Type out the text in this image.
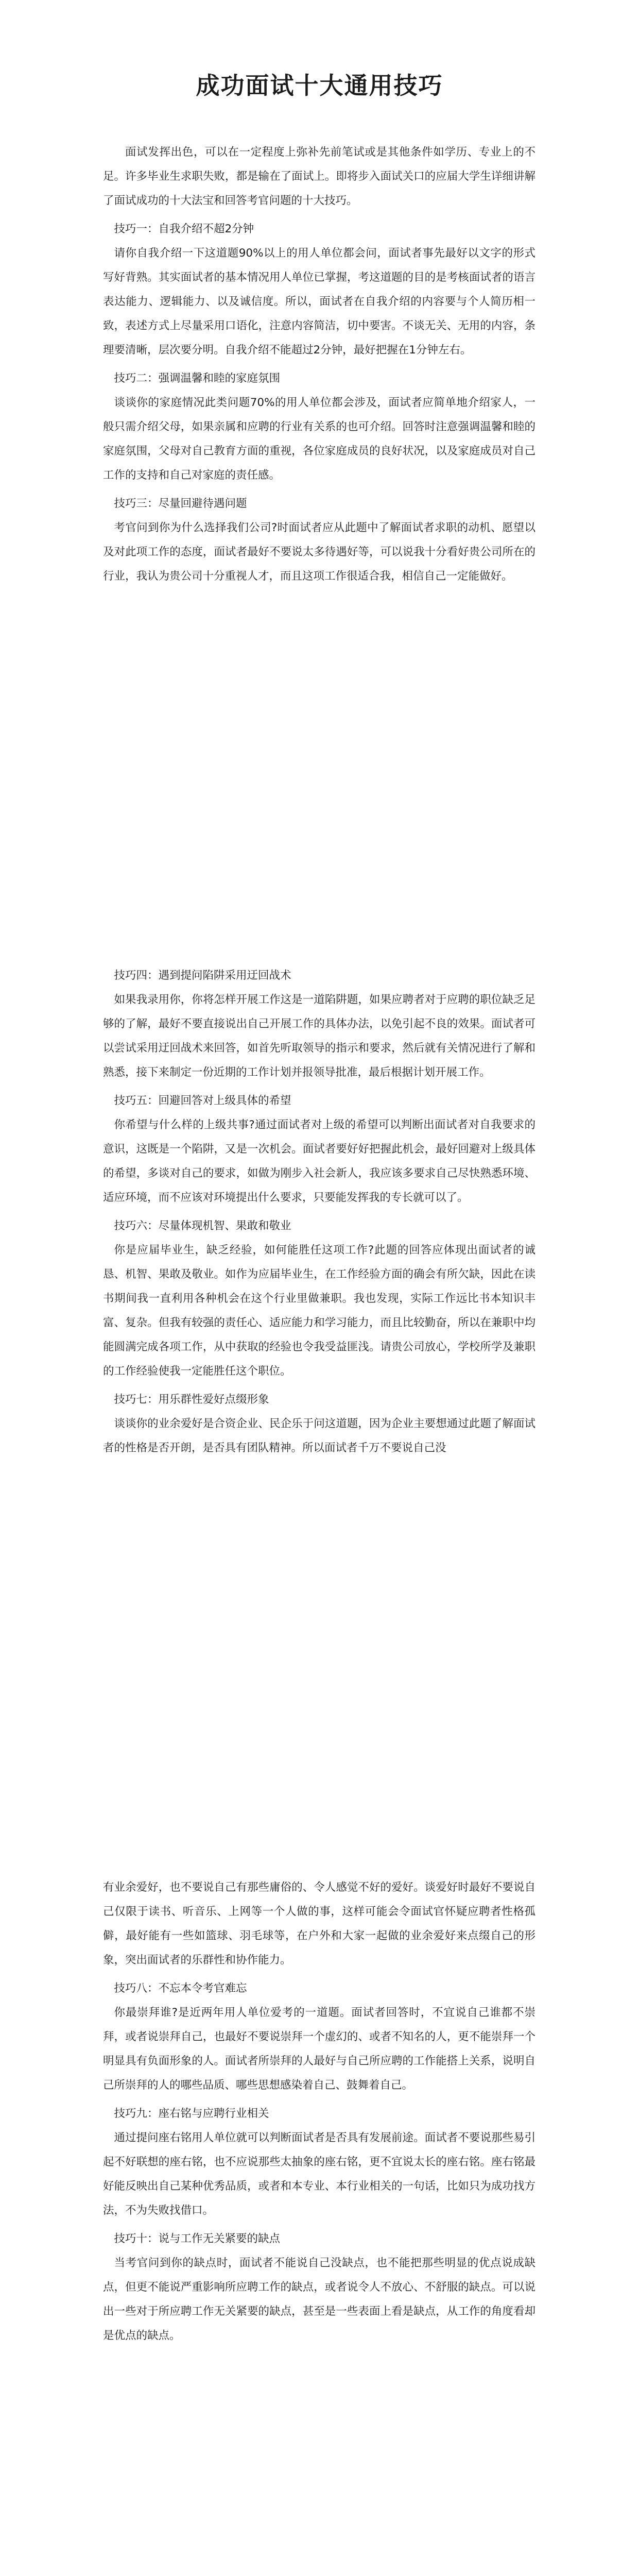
成功面试十大通用技巧

面试发挥出色，可以在一定程度上弥补先前笔试或是其他条件如学历、专业上的不足。许多毕业生求职失败，都是输在了面试上。即将步入面试关口的应届大学生详细讲解了面试成功的十大法宝和回答考官问题的十大技巧。

技巧一：自我介绍不超2分钟

请你自我介绍一下这道题90%以上的用人单位都会问，面试者事先最好以文字的形式写好背熟。其实面试者的基本情况用人单位已掌握，考这道题的目的是考核面试者的语言表达能力、逻辑能力、以及诚信度。所以，面试者在自我介绍的内容要与个人简历相一致，表述方式上尽量采用口语化，注意内容简洁，切中要害。不谈无关、无用的内容，条理要清晰，层次要分明。自我介绍不能超过2分钟，最好把握在1分钟左右。

技巧二：强调温馨和睦的家庭氛围

谈谈你的家庭情况此类问题70%的用人单位都会涉及，面试者应简单地介绍家人，一般只需介绍父母，如果亲属和应聘的行业有关系的也可介绍。回答时注意强调温馨和睦的家庭氛围，父母对自己教育方面的重视，各位家庭成员的良好状况，以及家庭成员对自己工作的支持和自己对家庭的责任感。

技巧三：尽量回避待遇问题

考官问到你为什么选择我们公司?时面试者应从此题中了解面试者求职的动机、愿望以及对此项工作的态度，面试者最好不要说太多待遇好等，可以说我十分看好贵公司所在的行业，我认为贵公司十分重视人才，而且这项工作很适合我，相信自己一定能做好。

技巧四：遇到提问陷阱采用迂回战术

如果我录用你，你将怎样开展工作这是一道陷阱题，如果应聘者对于应聘的职位缺乏足够的了解，最好不要直接说出自己开展工作的具体办法，以免引起不良的效果。面试者可以尝试采用迂回战术来回答，如首先听取领导的指示和要求，然后就有关情况进行了解和熟悉，接下来制定一份近期的工作计划并报领导批准，最后根据计划开展工作。

技巧五：回避回答对上级具体的希望

你希望与什么样的上级共事?通过面试者对上级的希望可以判断出面试者对自我要求的意识，这既是一个陷阱，又是一次机会。面试者要好好把握此机会，最好回避对上级具体的希望，多谈对自己的要求，如做为刚步入社会新人，我应该多要求自己尽快熟悉环境、适应环境，而不应该对环境提出什么要求，只要能发挥我的专长就可以了。

技巧六：尽量体现机智、果敢和敬业

你是应届毕业生，缺乏经验，如何能胜任这项工作?此题的回答应体现出面试者的诚恳、机智、果敢及敬业。如作为应届毕业生，在工作经验方面的确会有所欠缺，因此在读书期间我一直利用各种机会在这个行业里做兼职。我也发现，实际工作远比书本知识丰富、复杂。但我有较强的责任心、适应能力和学习能力，而且比较勤奋，所以在兼职中均能圆满完成各项工作，从中获取的经验也令我受益匪浅。请贵公司放心，学校所学及兼职的工作经验使我一定能胜任这个职位。

技巧七：用乐群性爱好点缀形象

谈谈你的业余爱好是合资企业、民企乐于问这道题，因为企业主要想通过此题了解面试者的性格是否开朗，是否具有团队精神。所以面试者千万不要说自己没

有业余爱好，也不要说自己有那些庸俗的、令人感觉不好的爱好。谈爱好时最好不要说自己仅限于读书、听音乐、上网等一个人做的事，这样可能会令面试官怀疑应聘者性格孤僻，最好能有一些如篮球、羽毛球等，在户外和大家一起做的业余爱好来点缀自己的形象，突出面试者的乐群性和协作能力。

技巧八：不忘本令考官难忘

你最崇拜谁?是近两年用人单位爱考的一道题。面试者回答时，不宜说自己谁都不崇拜，或者说崇拜自己，也最好不要说崇拜一个虚幻的、或者不知名的人，更不能崇拜一个明显具有负面形象的人。面试者所崇拜的人最好与自己所应聘的工作能搭上关系，说明自己所崇拜的人的哪些品质、哪些思想感染着自己、鼓舞着自己。

技巧九：座右铭与应聘行业相关

通过提问座右铭用人单位就可以判断面试者是否具有发展前途。面试者不要说那些易引起不好联想的座右铭，也不应说那些太抽象的座右铭，更不宜说太长的座右铭。座右铭最好能反映出自己某种优秀品质，或者和本专业、本行业相关的一句话，比如只为成功找方法，不为失败找借口。

技巧十：说与工作无关紧要的缺点

当考官问到你的缺点时，面试者不能说自己没缺点，也不能把那些明显的优点说成缺点，但更不能说严重影响所应聘工作的缺点，或者说令人不放心、不舒服的缺点。可以说出一些对于所应聘工作无关紧要的缺点，甚至是一些表面上看是缺点，从工作的角度看却是优点的缺点。
